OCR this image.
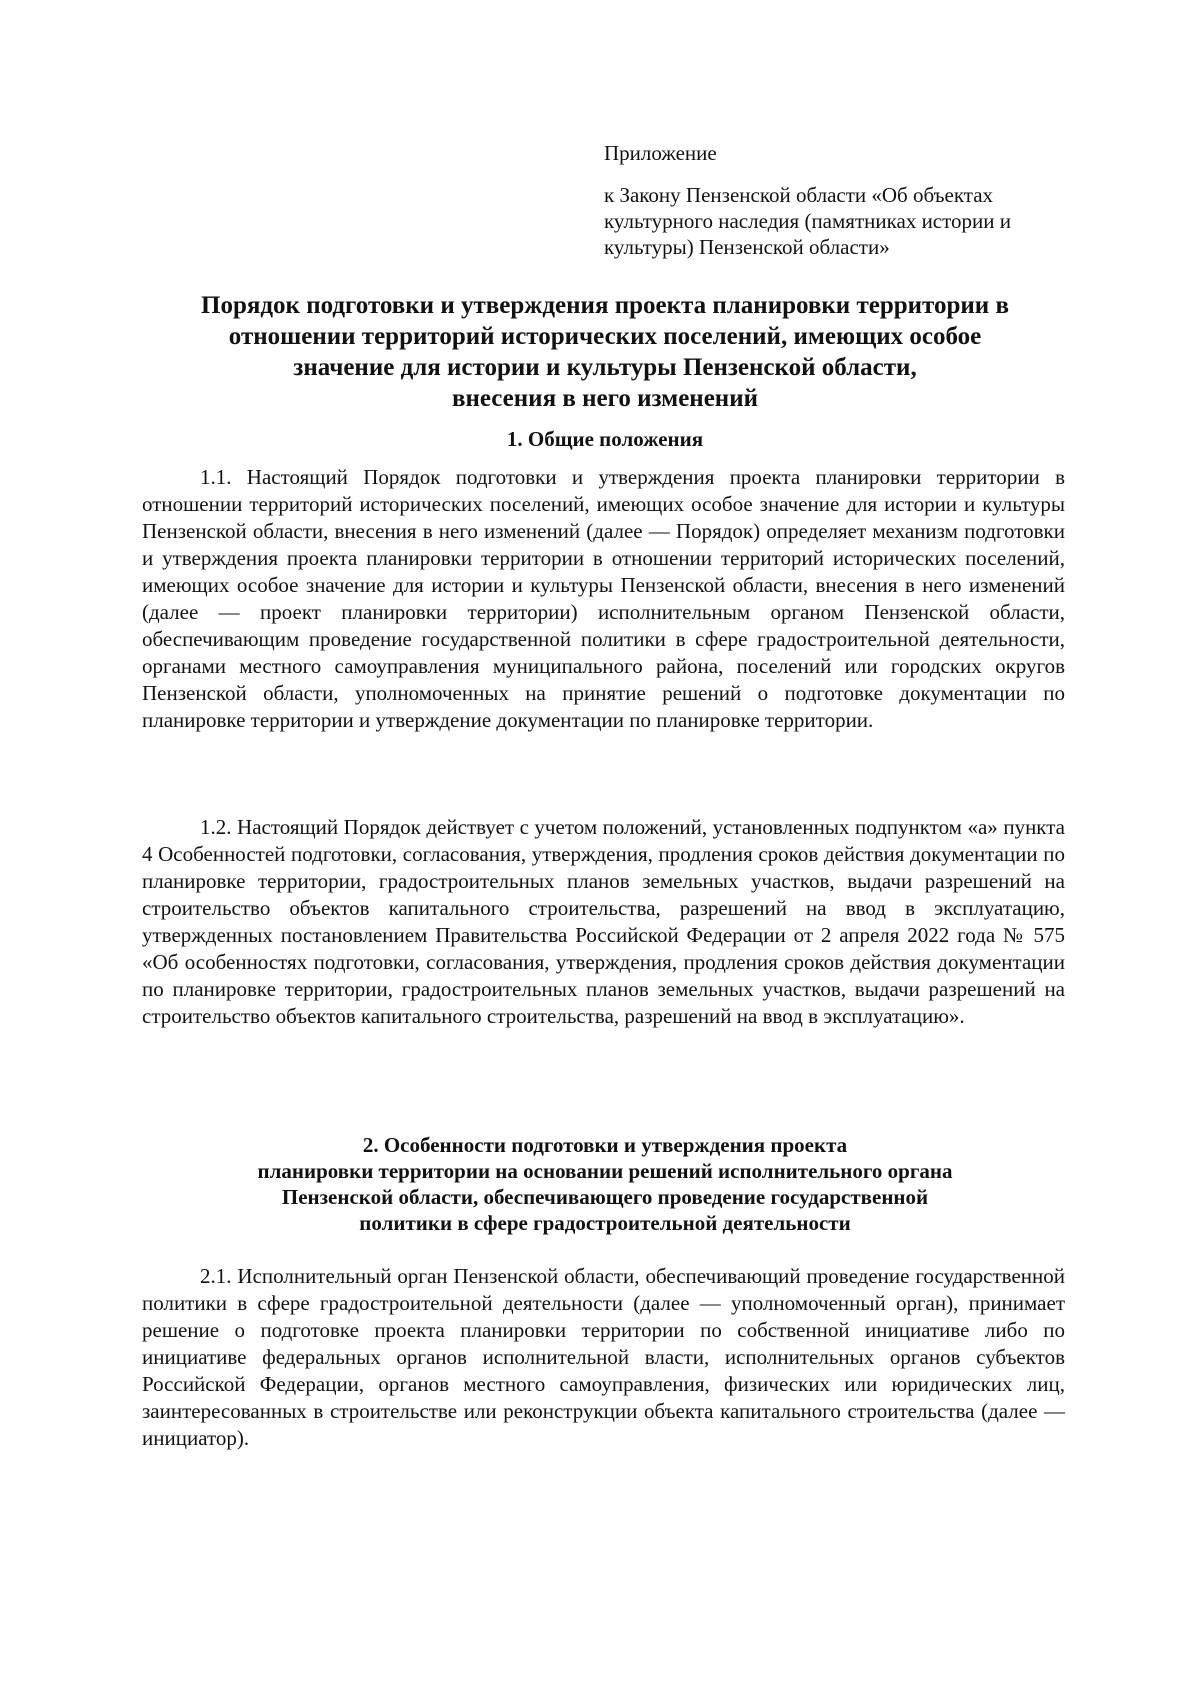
Приложение

к Закону Пензенской области «Об объектах культурного наследия (памятниках истории и культуры) Пензенской области»

Порядок подготовки и утверждения проекта планировки территории в
отношении территорий исторических поселений, имеющих особое
значение для истории и культуры Пензенской области,
внесения в него изменений
1. Общие положения

1.1. Настоящий Порядок подготовки и утверждения проекта планировки территории в отношении территорий исторических поселений, имеющих особое значение для истории и культуры Пензенской области, внесения в него изменений (далее — Порядок) определяет механизм подготовки и утверждения проекта планировки территории в отношении территорий исторических поселений, имеющих особое значение для истории и культуры Пензенской области, внесения в него изменений (далее — проект планировки территории) исполнительным органом Пензенской области, обеспечивающим проведение государственной политики в сфере градостроительной деятельности, органами местного самоуправления муниципального района, поселений или городских округов Пензенской области, уполномоченных на принятие решений о подготовке документации по планировке территории и утверждение документации по планировке территории.

1.2. Настоящий Порядок действует с учетом положений, установленных подпунктом «а» пункта 4 Особенностей подготовки, согласования, утверждения, продления сроков действия документации по планировке территории, градостроительных планов земельных участков, выдачи разрешений на строительство объектов капитального строительства, разрешений на ввод в эксплуатацию, утвержденных постановлением Правительства Российской Федерации от 2 апреля 2022 года № 575 «Об особенностях подготовки, согласования, утверждения, продления сроков действия документации по планировке территории, градостроительных планов земельных участков, выдачи разрешений на строительство объектов капитального строительства, разрешений на ввод в эксплуатацию».

2. Особенности подготовки и утверждения проекта
планировки территории на основании решений исполнительного органа
Пензенской области, обеспечивающего проведение государственной
политики в сфере градостроительной деятельности

2.1. Исполнительный орган Пензенской области, обеспечивающий проведение государственной политики в сфере градостроительной деятельности (далее — уполномоченный орган), принимает решение о подготовке проекта планировки территории по собственной инициативе либо по инициативе федеральных органов исполнительной власти, исполнительных органов субъектов Российской Федерации, органов местного самоуправления, физических или юридических лиц, заинтересованных в строительстве или реконструкции объекта капитального строительства (далее — инициатор).
